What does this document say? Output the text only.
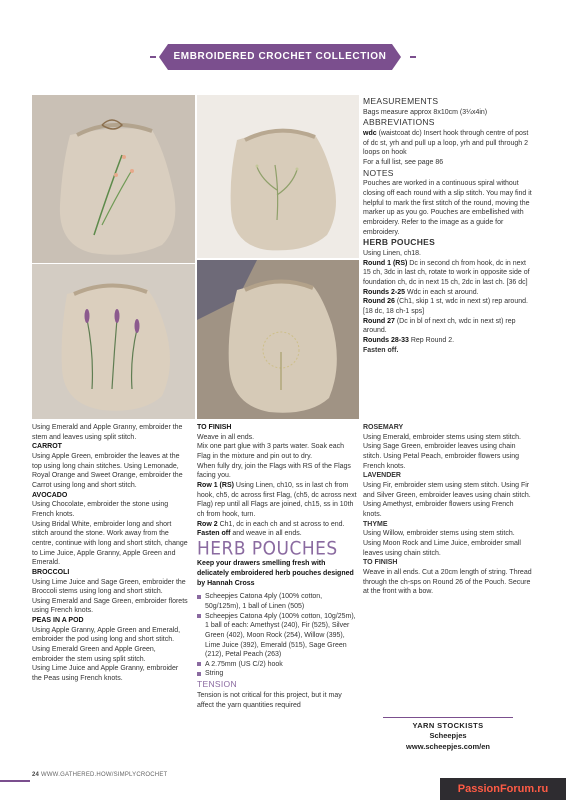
EMBROIDERED CROCHET COLLECTION

Using Emerald and Apple Granny, embroider the stem and leaves using split stitch.

CARROT

Using Apple Green, embroider the leaves at the top using long chain stitches. Using Lemonade, Royal Orange and Sweet Orange, embroider the Carrot using long and short stitch.

AVOCADO

Using Chocolate, embroider the stone using French knots.

Using Bridal White, embroider long and short stitch around the stone. Work away from the centre, continue with long and short stitch, change to Lime Juice, Apple Granny, Apple Green and Emerald.

BROCCOLI

Using Lime Juice and Sage Green, embroider the Broccoli stems using long and short stitch.

Using Emerald and Sage Green, embroider florets using French knots.

PEAS IN A POD

Using Apple Granny, Apple Green and Emerald, embroider the pod using long and short stitch.

Using Emerald Green and Apple Green, embroider the stem using split stitch.

Using Lime Juice and Apple Granny, embroider the Peas using French knots.

TO FINISH

Weave in all ends.

Mix one part glue with 3 parts water. Soak each Flag in the mixture and pin out to dry.

When fully dry, join the Flags with RS of the Flags facing you.

Row 1 (RS) Using Linen, ch10, ss in last ch from hook, ch5, dc across first Flag, (ch5, dc across next Flag) rep until all Flags are joined, ch15, ss in 10th ch from hook, turn.

Row 2 Ch1, dc in each ch and st across to end.

Fasten off and weave in all ends.

HERB POUCHES

Keep your drawers smelling fresh with delicately embroidered herb pouches designed by Hannah Cross

Scheepjes Catona 4ply (100% cotton, 50g/125m), 1 ball of Linen (505)

Scheepjes Catona 4ply (100% cotton, 10g/25m), 1 ball of each: Amethyst (240), Fir (525), Silver Green (402), Moon Rock (254), Willow (395), Lime Juice (392), Emerald (515), Sage Green (212), Petal Peach (263)

A 2.75mm (US C/2) hook

String

TENSION

Tension is not critical for this project, but it may affect the yarn quantities required

MEASUREMENTS

Bags measure approx 8x10cm (3¼x4in)

ABBREVIATIONS

wdc (waistcoat dc) Insert hook through centre of post of dc st, yrh and pull up a loop, yrh and pull through 2 loops on hook

For a full list, see page 86

NOTES

Pouches are worked in a continuous spiral without closing off each round with a slip stitch. You may find it helpful to mark the first stitch of the round, moving the marker up as you go. Pouches are embellished with embroidery. Refer to the image as a guide for embroidery.

HERB POUCHES

Using Linen, ch18.

Round 1 (RS) Dc in second ch from hook, dc in next 15 ch, 3dc in last ch, rotate to work in opposite side of foundation ch, dc in next 15 ch, 2dc in last ch. [36 dc]

Rounds 2-25 Wdc in each st around.

Round 26 (Ch1, skip 1 st, wdc in next st) rep around. [18 dc, 18 ch-1 sps]

Round 27 (Dc in bl of next ch, wdc in next st) rep around.

Rounds 28-33 Rep Round 2.

Fasten off.

ROSEMARY

Using Emerald, embroider stems using stem stitch. Using Sage Green, embroider leaves using chain stitch. Using Petal Peach, embroider flowers using French knots.

LAVENDER

Using Fir, embroider stem using stem stitch. Using Fir and Silver Green, embroider leaves using chain stitch. Using Amethyst, embroider flowers using French knots.

THYME

Using Willow, embroider stems using stem stitch. Using Moon Rock and Lime Juice, embroider small leaves using chain stitch.

TO FINISH

Weave in all ends. Cut a 20cm length of string. Thread through the ch-sps on Round 26 of the Pouch. Secure at the front with a bow.

YARN STOCKISTS

Scheepjes

www.scheepjes.com/en

24 WWW.GATHERED.HOW/SIMPLYCROCHET
PassionForum.ru
